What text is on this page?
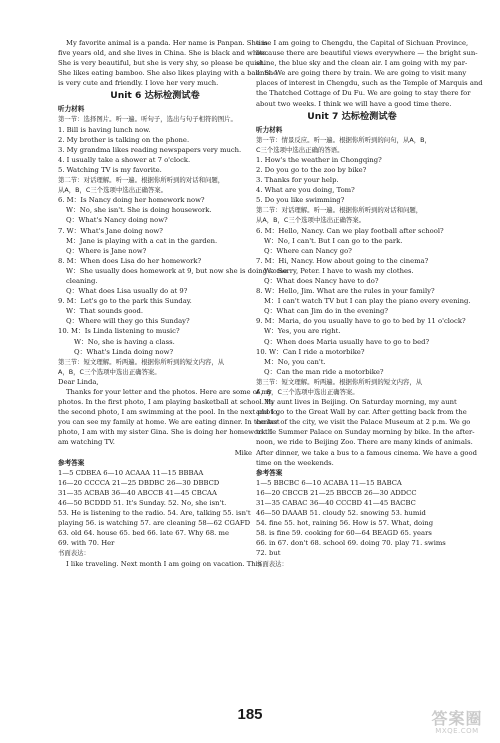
My favorite animal is a panda. Her name is Panpan. She is
five years old, and she lives in China. She is black and white.
She is very beautiful, but she is very shy, so please be quiet.
She likes eating bamboo. She also likes playing with a ball. She
is very cute and friendly. I love her very much.
Unit 6 达标检测试卷
听力材料
第一节：选择图片。听一遍。听句子，选出与句子相符的图片。
1. Bill is having lunch now.
2. My brother is talking on the phone.
3. My grandma likes reading newspapers very much.
4. I usually take a shower at 7 o'clock.
5. Watching TV is my favorite.
第二节：对话理解。听一遍。根据你所听到的对话和问题，
从A，B，C三个选项中选出正确答案。
6. M：Is Nancy doing her homework now?
W：No, she isn't. She is doing housework.
Q：What's Nancy doing now?
7. W：What's Jane doing now?
M：Jane is playing with a cat in the garden.
Q：Where is Jane now?
8. M：When does Lisa do her homework?
W：She usually does homework at 9, but now she is doing some
cleaning.
Q：What does Lisa usually do at 9?
9. M：Let's go to the park this Sunday.
W：That sounds good.
Q：Where will they go this Sunday?
10. M：Is Linda listening to music?
W：No, she is having a class.
Q：What's Linda doing now?
第三节：短文理解。听两遍。根据你所听到的短文内容，从
A，B，C三个选项中选出正确答案。
Dear Linda,
Thanks for your letter and the photos. Here are some of my
photos. In the first photo, I am playing basketball at school. In
the second photo, I am swimming at the pool. In the next photo,
you can see my family at home. We are eating dinner. In the last
photo, I am with my sister Gina. She is doing her homework. I
am watching TV.
Mike
参考答案
1—5 CDBEA 6—10 ACAAA 11—15 BBBAA
16—20 CCCCA 21—25 DBDBC 26—30 DBBCD
31—35 ACBAB 36—40 ABCCB 41—45 CBCAA
46—50 BCDDD 51. It's Sunday. 52. No, she isn't.
53. He is listening to the radio. 54. Are, talking 55. isn't
playing 56. is watching 57. are cleaning 58—62 CGAFD
63. old 64. house 65. bed 66. late 67. Why 68. me
69. with 70. Her
书面表达：
I like traveling. Next month I am going on vacation. This
time I am going to Chengdu, the Capital of Sichuan Province,
because there are beautiful views everywhere — the bright sun-
shine, the blue sky and the clean air. I am going with my par-
ents. We are going there by train. We are going to visit many
places of interest in Chengdu, such as the Temple of Marquis and
the Thatched Cottage of Du Fu. We are going to stay there for
about two weeks. I think we will have a good time there.
Unit 7 达标检测试卷
听力材料
第一节：情景反应。听一遍。根据你所听到的问句，从A，B，
C三个选项中选出正确的答语。
1. How's the weather in Chongqing?
2. Do you go to the zoo by bike?
3. Thanks for your help.
4. What are you doing, Tom?
5. Do you like swimming?
第二节：对话理解。听一遍。根据你所听到的对话和问题，
从A，B，C三个选项中选出正确答案。
6. M：Hello, Nancy. Can we play football after school?
W：No, I can't. But I can go to the park.
Q：Where can Nancy go?
7. M：Hi, Nancy. How about going to the cinema?
W：Sorry, Peter. I have to wash my clothes.
Q：What does Nancy have to do?
8. W：Hello, Jim. What are the rules in your family?
M：I can't watch TV but I can play the piano every evening.
Q：What can Jim do in the evening?
9. M：Maria, do you usually have to go to bed by 11 o'clock?
W：Yes, you are right.
Q：When does Maria usually have to go to bed?
10. W：Can I ride a motorbike?
M：No, you can't.
Q：Can the man ride a motorbike?
第三节：短文理解。听两遍。根据你所听到的短文内容，从
A，B，C三个选项中选出正确答案。
My aunt lives in Beijing. On Saturday morning, my aunt
and I go to the Great Wall by car. After getting back from the
center of the city, we visit the Palace Museum at 2 p.m. We go
to the Summer Palace on Sunday morning by bike. In the after-
noon, we ride to Beijing Zoo. There are many kinds of animals.
After dinner, we take a bus to a famous cinema. We have a good
time on the weekends.
参考答案
1—5 BBCBC 6—10 ACABA 11—15 BABCA
16—20 CBCCB 21—25 BBCCB 26—30 ADDCC
31—35 CABAC 36—40 CCCBD 41—45 BACBC
46—50 DAAAB 51. cloudy 52. snowing 53. humid
54. fine 55. hot, raining 56. How is 57. What, doing
58. is fine 59. cooking for 60—64 BEAGD 65. years
66. in 67. don't 68. school 69. doing 70. play 71. swims
72. but
书面表达：
185	答案圈
MXQE.COM
